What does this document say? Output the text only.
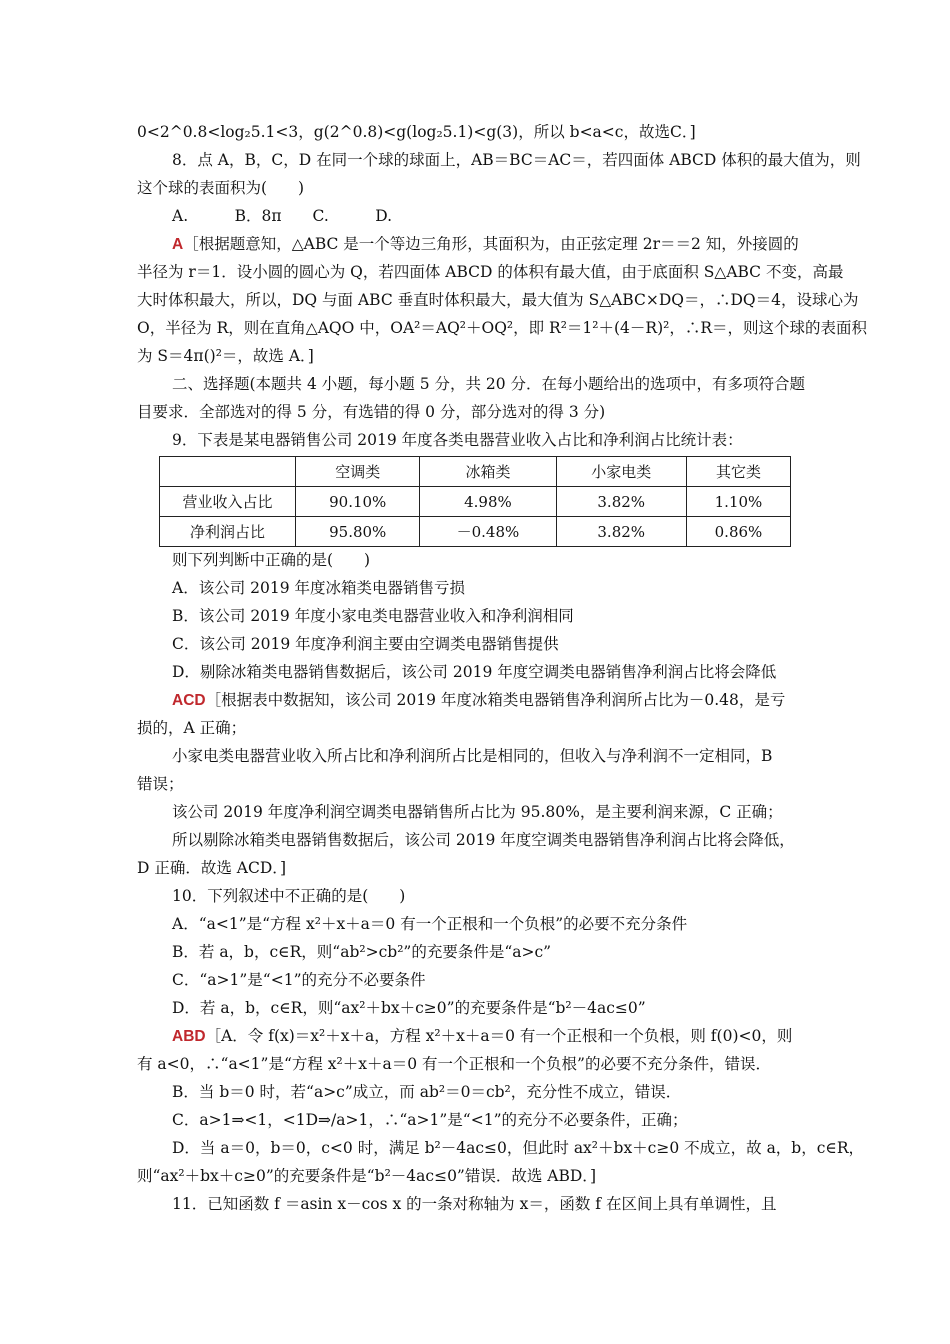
0<2^0.8<log₂5.1<3，g(2^0.8)<g(log₂5.1)<g(3)，所以 b<a<c，故选C．]
8．点 A，B，C，D 在同一个球的球面上，AB＝BC＝AC＝，若四面体 ABCD 体积的最大值为，则
这个球的表面积为(　　)
A.　　　B．8π　　C.　　　D.
A［根据题意知，△ABC 是一个等边三角形，其面积为，由正弦定理 2r＝＝2 知，外接圆的
半径为 r＝1．设小圆的圆心为 Q，若四面体 ABCD 的体积有最大值，由于底面积 S△ABC 不变，高最
大时体积最大，所以，DQ 与面 ABC 垂直时体积最大，最大值为 S△ABC×DQ＝，∴DQ＝4，设球心为
O，半径为 R，则在直角△AQO 中，OA²＝AQ²＋OQ²，即 R²＝1²＋(4－R)²，∴R＝，则这个球的表面积
为 S＝4π()²＝，故选 A．]
二、选择题(本题共 4 小题，每小题 5 分，共 20 分．在每小题给出的选项中，有多项符合题
目要求．全部选对的得 5 分，有选错的得 0 分，部分选对的得 3 分)
9．下表是某电器销售公司 2019 年度各类电器营业收入占比和净利润占比统计表：
	空调类	冰箱类	小家电类	其它类
营业收入占比	90.10%	4.98%	3.82%	1.10%
净利润占比	95.80%	－0.48%	3.82%	0.86%
则下列判断中正确的是(　　)
A．该公司 2019 年度冰箱类电器销售亏损
B．该公司 2019 年度小家电类电器营业收入和净利润相同
C．该公司 2019 年度净利润主要由空调类电器销售提供
D．剔除冰箱类电器销售数据后，该公司 2019 年度空调类电器销售净利润占比将会降低
ACD［根据表中数据知，该公司 2019 年度冰箱类电器销售净利润所占比为－0.48，是亏
损的，A 正确；
小家电类电器营业收入所占比和净利润所占比是相同的，但收入与净利润不一定相同，B
错误；
该公司 2019 年度净利润空调类电器销售所占比为 95.80%，是主要利润来源，C 正确；
所以剔除冰箱类电器销售数据后，该公司 2019 年度空调类电器销售净利润占比将会降低，
D 正确．故选 ACD．]
10．下列叙述中不正确的是(　　)
A．“a<1”是“方程 x²＋x＋a＝0 有一个正根和一个负根”的必要不充分条件
B．若 a，b，c∈R，则“ab²>cb²”的充要条件是“a>c”
C．“a>1”是“<1”的充分不必要条件
D．若 a，b，c∈R，则“ax²＋bx＋c≥0”的充要条件是“b²－4ac≤0”
ABD［A．令 f(x)＝x²＋x＋a，方程 x²＋x＋a＝0 有一个正根和一个负根，则 f(0)<0，则
有 a<0，∴“a<1”是“方程 x²＋x＋a＝0 有一个正根和一个负根”的必要不充分条件，错误．
B．当 b＝0 时，若“a>c”成立，而 ab²＝0＝cb²，充分性不成立，错误．
C．a>1⇒<1，<1D⇒/a>1，∴“a>1”是“<1”的充分不必要条件，正确；
D．当 a＝0，b＝0，c<0 时，满足 b²－4ac≤0，但此时 ax²＋bx＋c≥0 不成立，故 a，b，c∈R，
则“ax²＋bx＋c≥0”的充要条件是“b²－4ac≤0”错误．故选 ABD．]
11．已知函数 f ＝asin x－cos x 的一条对称轴为 x＝，函数 f 在区间上具有单调性，且
